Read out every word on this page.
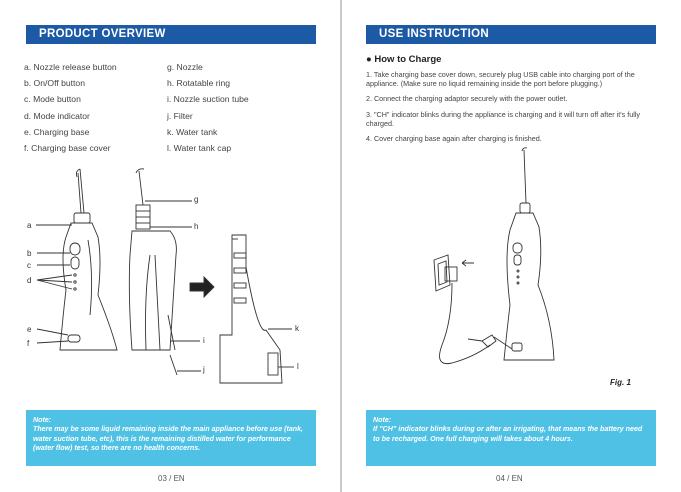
PRODUCT OVERVIEW
a. Nozzle release button
b. On/Off button
c. Mode button
d. Mode indicator
e. Charging base
f. Charging base cover
g. Nozzle
h. Rotatable ring
i. Nozzle suction tube
j. Filter
k. Water tank
l. Water tank cap
a
b
c
d
e
f
g
h
i
j
k
l
Note:
There may be some liquid remaining inside the main appliance before use (tank, water suction tube, etc), this is the remaining distilled water for performance (water flow) test, so there are no health concerns.
03 / EN
USE INSTRUCTION
● How to Charge

1. Take charging base cover down, securely plug USB cable into charging port of the appliance. (Make sure no liquid remaining inside the port before plugging.)

2. Connect the charging adaptor securely with the power outlet.

3. "CH" indicator blinks during the appliance is charging and it will turn off after it's fully charged.

4. Cover charging base again after charging is finished.

Fig. 1
Note:
If "CH" indicator blinks during or after an irrigating, that means the battery need to be recharged. One full charging will takes about 4 hours.
04 / EN
